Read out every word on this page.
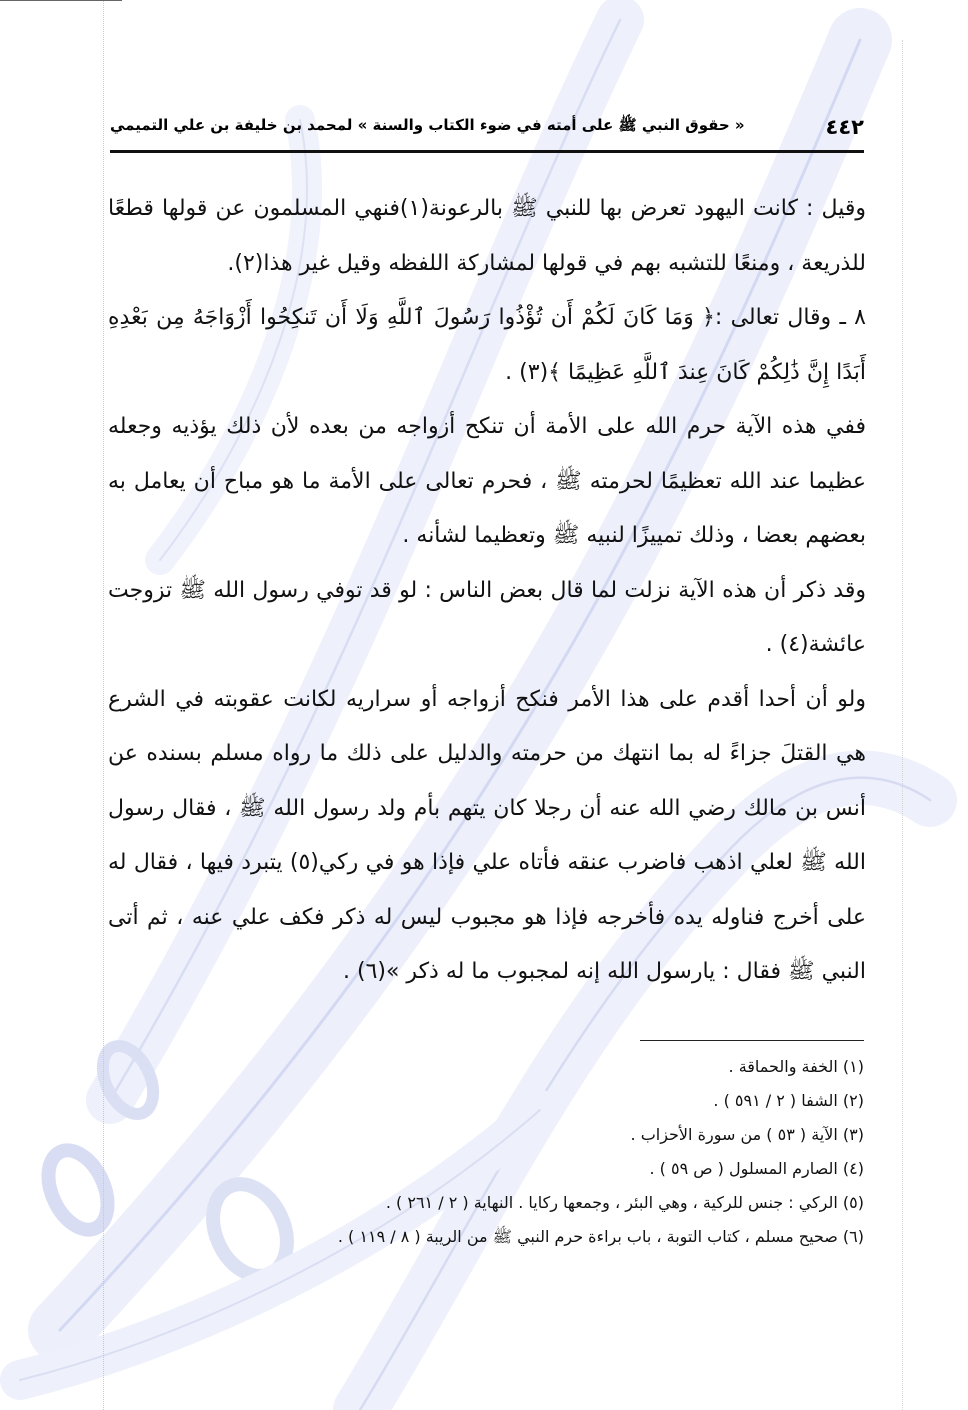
٤٤٢
« حقوق النبي ﷺ على أمته في ضوء الكتاب والسنة » لمحمد بن خليفة بن علي التميمي

وقيل : كانت اليهود تعرض بها للنبي ﷺ بالرعونة(١)فنهي المسلمون عن قولها قطعًا للذريعة ، ومنعًا للتشبه بهم في قولها لمشاركة اللفظه وقيل غير هذا(٢).

٨ ـ وقال تعالى :﴿ وَمَا كَانَ لَكُمْ أَن تُؤْذُوا رَسُولَ ٱللَّهِ وَلَا أَن تَنكِحُوا أَزْوَاجَهُ مِن بَعْدِهِ أَبَدًا إِنَّ ذَٰلِكُمْ كَانَ عِندَ ٱللَّهِ عَظِيمًا ﴾(٣) .

ففي هذه الآية حرم الله على الأمة أن تنكح أزواجه من بعده لأن ذلك يؤذيه وجعله عظيما عند الله تعظيمًا لحرمته ﷺ ، فحرم تعالى على الأمة ما هو مباح أن يعامل به بعضهم بعضا ، وذلك تمييزًا لنبيه ﷺ وتعظيما لشأنه .

وقد ذكر أن هذه الآية نزلت لما قال بعض الناس : لو قد توفي رسول الله ﷺ تزوجت عائشة(٤) .

ولو أن أحدا أقدم على هذا الأمر فنكح أزواجه أو سراريه لكانت عقوبته في الشرع هي القتلَ جزاءً له بما انتهك من حرمته والدليل على ذلك ما رواه مسلم بسنده عن أنس بن مالك رضي الله عنه أن رجلا كان يتهم بأم ولد رسول الله ﷺ ، فقال رسول الله ﷺ لعلي اذهب فاضرب عنقه فأتاه علي فإذا هو في ركي(٥) يتبرد فيها ، فقال له على أخرج فناوله يده فأخرجه فإذا هو مجبوب ليس له ذكر فكف علي عنه ، ثم أتى النبي ﷺ فقال : يارسول الله إنه لمجبوب ما له ذكر »(٦) .

(١) الخفة والحماقة .
(٢) الشفا ( ٢ / ٥٩١ ) .
(٣) الآية ( ٥٣ ) من سورة الأحزاب .
(٤) الصارم المسلول ( ص ٥٩ ) .
(٥) الركي : جنس للركية ، وهي البئر ، وجمعها ركايا . النهاية ( ٢ / ٢٦١ ) .
(٦) صحيح مسلم ، كتاب التوبة ، باب براءة حرم النبي ﷺ من الريبة ( ٨ / ١١٩ ) .
